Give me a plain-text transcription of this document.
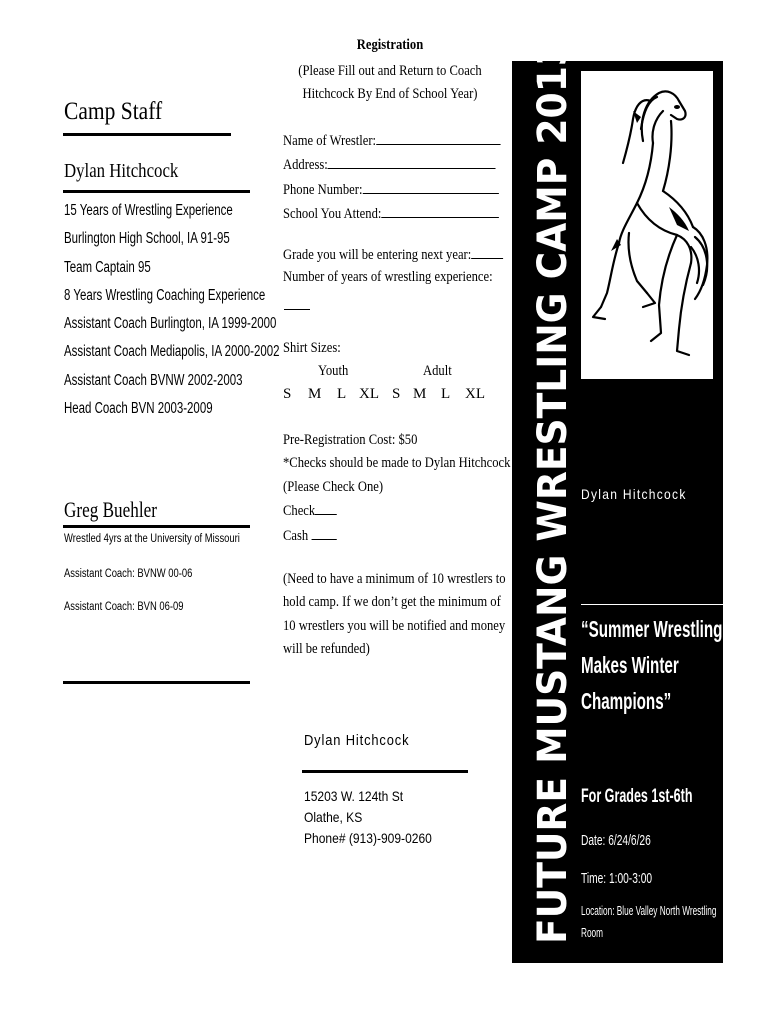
Camp Staff
Dylan Hitchcock
15 Years of Wrestling Experience
Burlington High School, IA 91-95
Team Captain 95
8 Years Wrestling Coaching Experience
Assistant Coach Burlington, IA 1999-2000
Assistant Coach Mediapolis, IA 2000-2002
Assistant Coach BVNW 2002-2003
Head Coach BVN 2003-2009
Greg Buehler
Wrestled 4yrs at the University of Missouri
Assistant Coach: BVNW 00-06
Assistant Coach: BVN 06-09
Registration
(Please Fill out and Return to Coach
Hitchcock By End of School Year)
Name of Wrestler:
Address:
Phone Number:
School You Attend:
Grade you will be entering next year:
Number of years of wrestling experience:
Shirt Sizes:
Youth	Adult
S M L XL S M L XL
Pre-Registration Cost: $50
*Checks should be made to Dylan Hitchcock
(Please Check One)
Check
Cash
(Need to have a minimum of 10 wrestlers to
hold camp. If we don’t get the minimum of
10 wrestlers you will be notified and money
will be refunded)
Dylan Hitchcock
15203 W. 124th St
Olathe, KS
Phone# (913)-909-0260 FUTURE MUSTANG WRESTLING CAMP 2013 Dylan Hitchcock
“Summer Wrestling
Makes Winter
Champions”
For Grades 1st-6th
Date: 6/24/6/26
Time: 1:00-3:00
Location: Blue Valley North Wrestling
Room
